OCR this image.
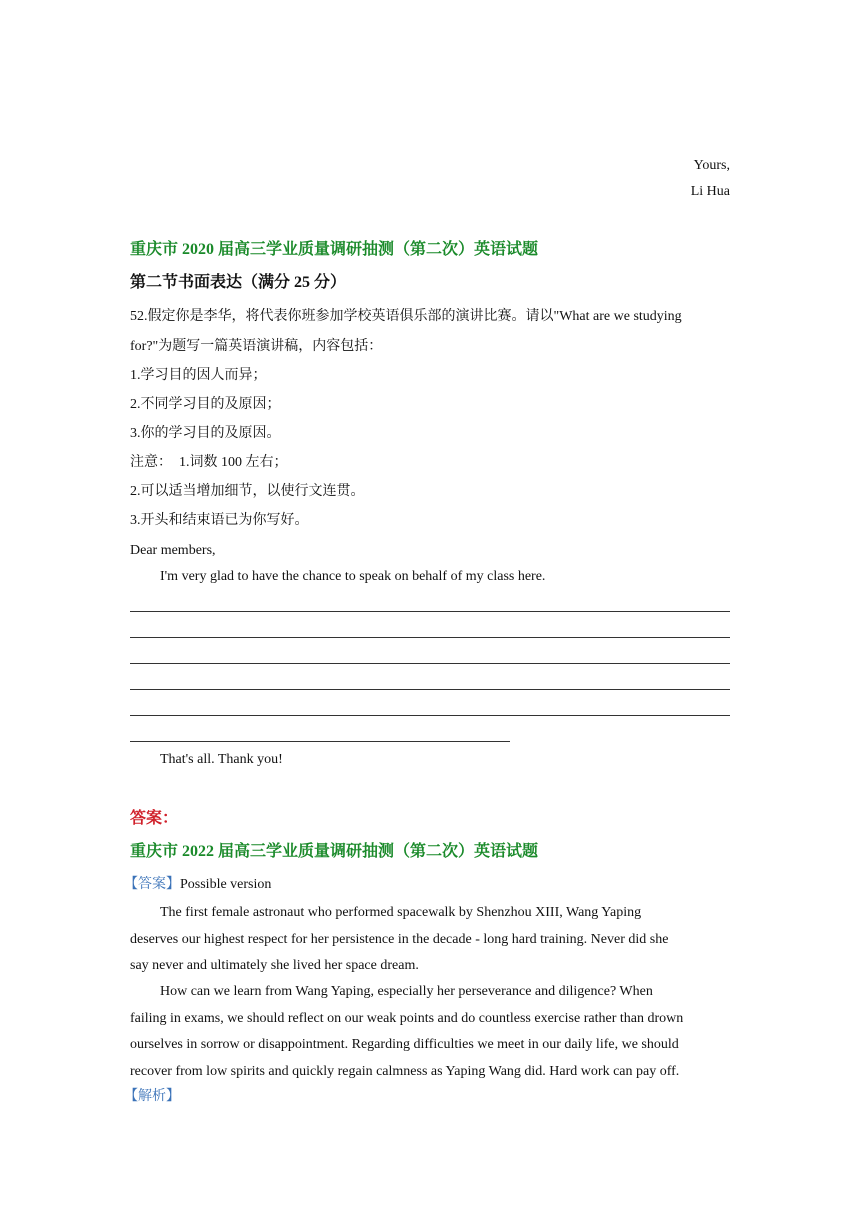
Yours,
Li Hua
重庆市 2020 届高三学业质量调研抽测（第二次）英语试题
第二节书面表达（满分 25 分）
52.假定你是李华，将代表你班参加学校英语俱乐部的演讲比赛。请以"What are we studying
for?"为题写一篇英语演讲稿，内容包括：
1.学习目的因人而异；
2.不同学习目的及原因；
3.你的学习目的及原因。
注意：  1.词数 100 左右；
2.可以适当增加细节，以使行文连贯。
3.开头和结束语已为你写好。
Dear members,
I'm very glad to have the chance to speak on behalf of my class here.
That's all. Thank you!
答案：
重庆市 2022 届高三学业质量调研抽测（第二次）英语试题
【答案】Possible version
The first female astronaut who performed spacewalk by Shenzhou XIII, Wang Yaping
deserves our highest respect for her persistence in the decade - long hard training. Never did she
say never and ultimately she lived her space dream.
How can we learn from Wang Yaping, especially her perseverance and diligence? When
failing in exams, we should reflect on our weak points and do countless exercise rather than drown
ourselves in sorrow or disappointment. Regarding difficulties we meet in our daily life, we should
recover from low spirits and quickly regain calmness as Yaping Wang did. Hard work can pay off.
【解析】
